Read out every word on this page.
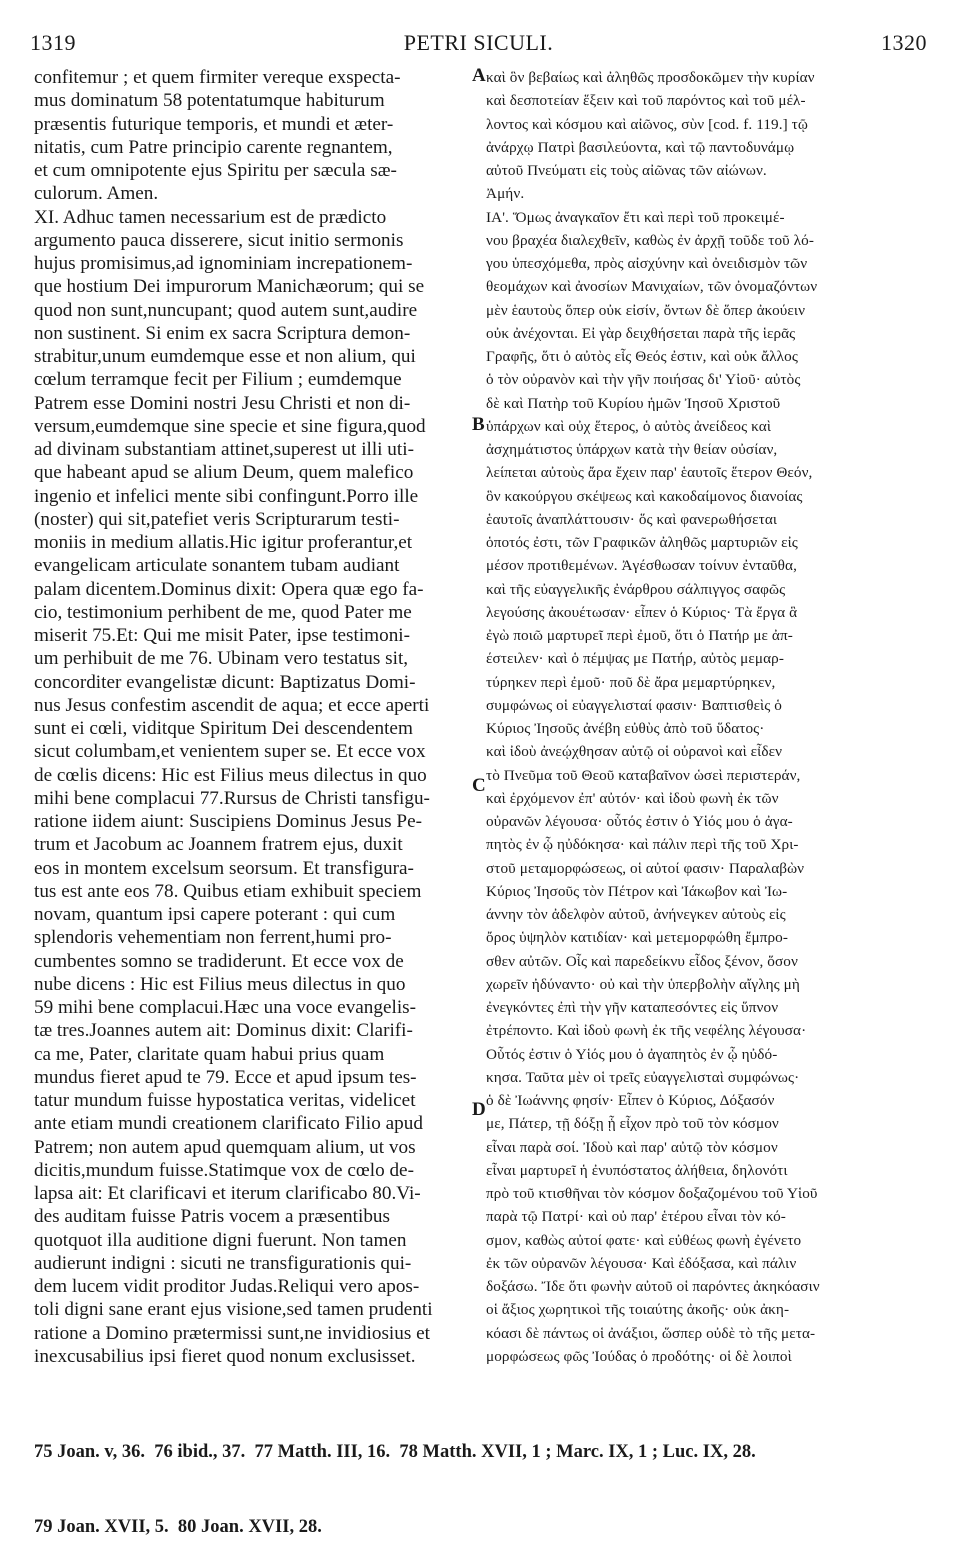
1319	PETRI SICULI.	1320
confitemur ; et quem firmiter vereque exspecta-
mus dominatum 58 potentatumque habiturum
præsentis futurique temporis, et mundi et æter-
nitatis, cum Patre principio carente regnantem,
et cum omnipotente ejus Spiritu per sæcula sæ-
culorum. Amen.
XI. Adhuc tamen necessarium est de prædicto
argumento pauca disserere, sicut initio sermonis
hujus promisimus,ad ignominiam increpationem-
que hostium Dei impurorum Manichæorum; qui se
quod non sunt,nuncupant; quod autem sunt,audire
non sustinent. Si enim ex sacra Scriptura demon-
strabitur,unum eumdemque esse et non alium, qui
cœlum terramque fecit per Filium ; eumdemque
Patrem esse Domini nostri Jesu Christi et non di-
versum,eumdemque sine specie et sine figura,quod
ad divinam substantiam attinet,superest ut illi uti-
que habeant apud se alium Deum, quem malefico
ingenio et infelici mente sibi confingunt.Porro ille
(noster) qui sit,patefiet veris Scripturarum testi-
moniis in medium allatis.Hic igitur proferantur,et
evangelicam articulate sonantem tubam audiant
palam dicentem.Dominus dixit: Opera quæ ego fa-
cio, testimonium perhibent de me, quod Pater me
miserit 75.Et: Qui me misit Pater, ipse testimoni-
um perhibuit de me 76. Ubinam vero testatus sit,
concorditer evangelistæ dicunt: Baptizatus Domi-
nus Jesus confestim ascendit de aqua; et ecce aperti
sunt ei cœli, viditque Spiritum Dei descendentem
sicut columbam,et venientem super se. Et ecce vox
de cœlis dicens: Hic est Filius meus dilectus in quo
mihi bene complacui 77.Rursus de Christi tansfigu-
ratione iidem aiunt: Suscipiens Dominus Jesus Pe-
trum et Jacobum ac Joannem fratrem ejus, duxit
eos in montem excelsum seorsum. Et transfigura-
tus est ante eos 78. Quibus etiam exhibuit speciem
novam, quantum ipsi capere poterant : qui cum
splendoris vehementiam non ferrent,humi pro-
cumbentes somno se tradiderunt. Et ecce vox de
nube dicens : Hic est Filius meus dilectus in quo
59 mihi bene complacui.Hæc una voce evangelis-
tæ tres.Joannes autem ait: Dominus dixit: Clarifi-
ca me, Pater, claritate quam habui prius quam
mundus fieret apud te 79. Ecce et apud ipsum tes-
tatur mundum fuisse hypostatica veritas, videlicet
ante etiam mundi creationem clarificato Filio apud
Patrem; non autem apud quemquam alium, ut vos
dicitis,mundum fuisse.Statimque vox de cœlo de-
lapsa ait: Et clarificavi et iterum clarificabo 80.Vi-
des auditam fuisse Patris vocem a præsentibus
quotquot illa auditione digni fuerunt. Non tamen
audierunt indigni : sicuti ne transfigurationis qui-
dem lucem vidit proditor Judas.Reliqui vero apos-
toli digni sane erant ejus visione,sed tamen prudenti
ratione a Domino prætermissi sunt,ne invidiosius et
inexcusabilius ipsi fieret quod nonum exclusisset.
καὶ ὃν βεβαίως καὶ ἀληθῶς προσδοκῶμεν τὴν κυρίαν
καὶ δεσποτείαν ἕξειν καὶ τοῦ παρόντος καὶ τοῦ μέλ-
λοντος καὶ κόσμου καὶ αἰῶνος, σὺν [cod. f. 119.] τῷ
ἀνάρχῳ Πατρὶ βασιλεύοντα, καὶ τῷ παντοδυνάμῳ
αὐτοῦ Πνεύματι εἰς τοὺς αἰῶνας τῶν αἰώνων.
Ἀμήν.
ΙΑ'. Ὅμως ἀναγκαῖον ἔτι καὶ περὶ τοῦ προκειμέ-
νου βραχέα διαλεχθεῖν, καθὼς ἐν ἀρχῇ τοῦδε τοῦ λό-
γου ὑπεσχόμεθα, πρὸς αἰσχύνην καὶ ὀνειδισμὸν τῶν
θεομάχων καὶ ἀνοσίων Μανιχαίων, τῶν ὀνομαζόντων
μὲν ἑαυτοὺς ὅπερ οὐκ εἰσίν, ὄντων δὲ ὅπερ ἀκούειν
οὐκ ἀνέχονται. Εἰ γὰρ δειχθήσεται παρὰ τῆς ἱερᾶς
Γραφῆς, ὅτι ὁ αὐτὸς εἷς Θεός ἐστιν, καὶ οὐκ ἄλλος
ὁ τὸν οὐρανὸν καὶ τὴν γῆν ποιήσας δι' Υἱοῦ· αὐτὸς
δὲ καὶ Πατὴρ τοῦ Κυρίου ἡμῶν Ἰησοῦ Χριστοῦ
ὑπάρχων καὶ οὐχ ἕτερος, ὁ αὐτὸς ἀνείδεος καὶ
ἀσχημάτιστος ὑπάρχων κατὰ τὴν θείαν οὐσίαν,
λείπεται αὐτοὺς ἄρα ἔχειν παρ' ἑαυτοῖς ἕτερον Θεόν,
ὃν κακούργου σκέψεως καὶ κακοδαίμονος διανοίας
ἑαυτοῖς ἀναπλάττουσιν· ὅς καὶ φανερωθήσεται
ὁποτός ἐστι, τῶν Γραφικῶν ἀληθῶς μαρτυριῶν εἰς
μέσον προτιθεμένων. Ἀγέσθωσαν τοίνυν ἐνταῦθα,
καὶ τῆς εὐαγγελικῆς ἐνάρθρου σάλπιγγος σαφῶς
λεγούσης ἀκουέτωσαν· εἶπεν ὁ Κύριος· Τὰ ἔργα ἃ
ἐγὼ ποιῶ μαρτυρεῖ περὶ ἐμοῦ, ὅτι ὁ Πατήρ με ἀπ-
έστειλεν· καὶ ὁ πέμψας με Πατήρ, αὐτὸς μεμαρ-
τύρηκεν περὶ ἐμοῦ· ποῦ δὲ ἄρα μεμαρτύρηκεν,
συμφώνως οἱ εὐαγγελισταί φασιν· Βαπτισθεὶς ὁ
Κύριος Ἰησοῦς ἀνέβη εὐθὺς ἀπὸ τοῦ ὕδατος·
καὶ ἰδοὺ ἀνεῴχθησαν αὐτῷ οἱ οὐρανοὶ καὶ εἶδεν
τὸ Πνεῦμα τοῦ Θεοῦ καταβαῖνον ὡσεὶ περιστεράν,
καὶ ἐρχόμενον ἐπ' αὐτόν· καὶ ἰδοὺ φωνὴ ἐκ τῶν
οὐρανῶν λέγουσα· οὗτός ἐστιν ὁ Υἱός μου ὁ ἀγα-
πητὸς ἐν ᾧ ηὐδόκησα· καὶ πάλιν περὶ τῆς τοῦ Χρι-
στοῦ μεταμορφώσεως, οἱ αὐτοί φασιν· Παραλαβὼν
Κύριος Ἰησοῦς τὸν Πέτρον καὶ Ἰάκωβον καὶ Ἰω-
άννην τὸν ἀδελφὸν αὐτοῦ, ἀνήνεγκεν αὐτοὺς εἰς
ὄρος ὑψηλὸν κατιδίαν· καὶ μετεμορφώθη ἔμπρο-
σθεν αὐτῶν. Οἷς καὶ παρεδείκνυ εἶδος ξένον, ὅσον
χωρεῖν ἠδύναντο· οὐ καὶ τὴν ὑπερβολὴν αἴγλης μὴ
ἐνεγκόντες ἐπὶ τὴν γῆν καταπεσόντες εἰς ὕπνον
ἐτρέποντο. Καὶ ἰδοὺ φωνὴ ἐκ τῆς νεφέλης λέγουσα·
Οὗτός ἐστιν ὁ Υἱός μου ὁ ἀγαπητὸς ἐν ᾧ ηὐδό-
κησα. Ταῦτα μὲν οἱ τρεῖς εὐαγγελισταὶ συμφώνως·
ὁ δὲ Ἰωάννης φησίν· Εἶπεν ὁ Κύριος, Δόξασόν
με, Πάτερ, τῇ δόξῃ ᾗ εἶχον πρὸ τοῦ τὸν κόσμον
εἶναι παρὰ σοί. Ἰδοὺ καὶ παρ' αὐτῷ τὸν κόσμον
εἶναι μαρτυρεῖ ἡ ἐνυπόστατος ἀλήθεια, δηλονότι
πρὸ τοῦ κτισθῆναι τὸν κόσμον δοξαζομένου τοῦ Υἱοῦ
παρὰ τῷ Πατρί· καὶ οὐ παρ' ἑτέρου εἶναι τὸν κό-
σμον, καθὼς αὐτοί φατε· καὶ εὐθέως φωνὴ ἐγένετο
ἐκ τῶν οὐρανῶν λέγουσα· Καὶ ἐδόξασα, καὶ πάλιν
δοξάσω. Ἴδε ὅτι φωνὴν αὐτοῦ οἱ παρόντες ἀκηκόασιν
οἱ ἄξιος χωρητικοὶ τῆς τοιαύτης ἀκοῆς· οὐκ ἀκη-
κόασι δὲ πάντως οἱ ἀνάξιοι, ὥσπερ οὐδὲ τὸ τῆς μετα-
μορφώσεως φῶς Ἰούδας ὁ προδότης· οἱ δὲ λοιποὶ
A
B
C
D

75 Joan. v, 36.  76 ibid., 37.  77 Matth. III, 16.  78 Matth. XVII, 1 ; Marc. IX, 1 ; Luc. IX, 28.

79 Joan. XVII, 5.  80 Joan. XVII, 28.
